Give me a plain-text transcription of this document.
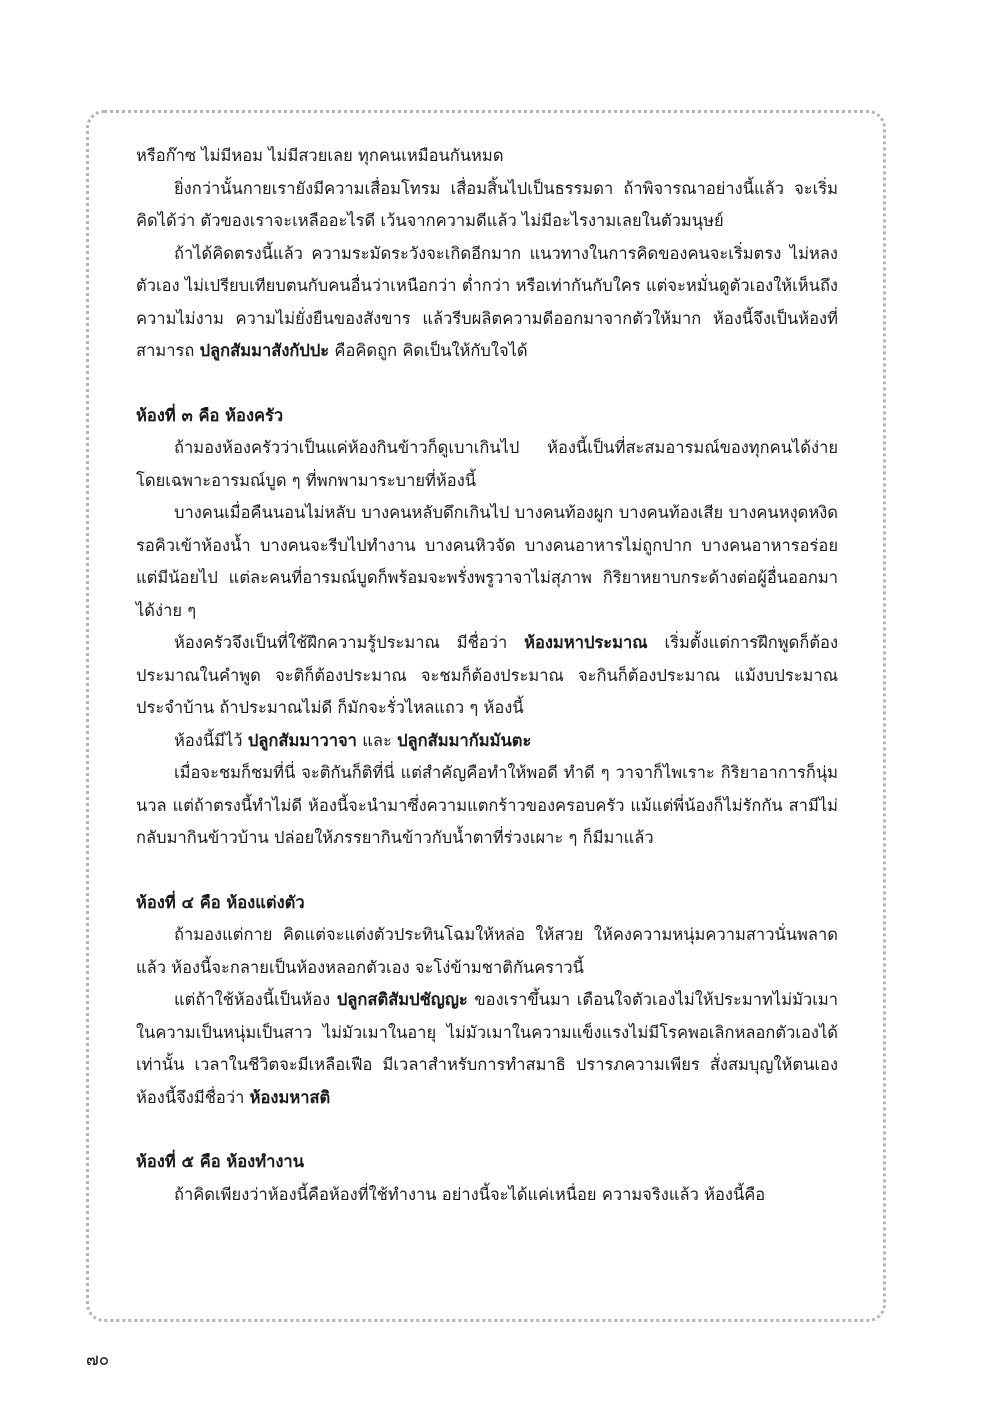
หรือก๊าซ ไม่มีหอม ไม่มีสวยเลย ทุกคนเหมือนกันหมด

ยิ่งกว่านั้นกายเรายังมีความเสื่อมโทรม เสื่อมสิ้นไปเป็นธรรมดา ถ้าพิจารณาอย่างนี้แล้ว จะเริ่มคิดได้ว่า ตัวของเราจะเหลืออะไรดี เว้นจากความดีแล้ว ไม่มีอะไรงามเลยในตัวมนุษย์

ถ้าได้คิดตรงนี้แล้ว ความระมัดระวังจะเกิดอีกมาก แนวทางในการคิดของคนจะเริ่มตรง ไม่หลงตัวเอง ไม่เปรียบเทียบตนกับคนอื่นว่าเหนือกว่า ต่ำกว่า หรือเท่ากันกับใคร แต่จะหมั่นดูตัวเองให้เห็นถึงความไม่งาม ความไม่ยั่งยืนของสังขาร แล้วรีบผลิตความดีออกมาจากตัวให้มาก ห้องนี้จึงเป็นห้องที่สามารถ ปลูกสัมมาสังกัปปะ คือคิดถูก คิดเป็นให้กับใจได้

ห้องที่ ๓ คือ ห้องครัว

ถ้ามองห้องครัวว่าเป็นแค่ห้องกินข้าวก็ดูเบาเกินไป ห้องนี้เป็นที่สะสมอารมณ์ของทุกคนได้ง่าย โดยเฉพาะอารมณ์บูด ๆ ที่พกพามาระบายที่ห้องนี้

บางคนเมื่อคืนนอนไม่หลับ บางคนหลับดึกเกินไป บางคนท้องผูก บางคนท้องเสีย บางคนหงุดหงิด รอคิวเข้าห้องน้ำ บางคนจะรีบไปทำงาน บางคนหิวจัด บางคนอาหารไม่ถูกปาก บางคนอาหารอร่อยแต่มีน้อยไป แต่ละคนที่อารมณ์บูดก็พร้อมจะพรั่งพรูวาจาไม่สุภาพ กิริยาหยาบกระด้างต่อผู้อื่นออกมาได้ง่าย ๆ

ห้องครัวจึงเป็นที่ใช้ฝึกความรู้ประมาณ มีชื่อว่า ห้องมหาประมาณ เริ่มตั้งแต่การฝึกพูดก็ต้องประมาณในคำพูด จะติก็ต้องประมาณ จะชมก็ต้องประมาณ จะกินก็ต้องประมาณ แม้งบประมาณประจำบ้าน ถ้าประมาณไม่ดี ก็มักจะรั่วไหลแถว ๆ ห้องนี้

ห้องนี้มีไว้ ปลูกสัมมาวาจา และ ปลูกสัมมากัมมันตะ

เมื่อจะชมก็ชมที่นี่ จะติกันก็ติที่นี่ แต่สำคัญคือทำให้พอดี ทำดี ๆ วาจาก็ไพเราะ กิริยาอาการก็นุ่มนวล แต่ถ้าตรงนี้ทำไม่ดี ห้องนี้จะนำมาซึ่งความแตกร้าวของครอบครัว แม้แต่พี่น้องก็ไม่รักกัน สามีไม่กลับมากินข้าวบ้าน ปล่อยให้ภรรยากินข้าวกับน้ำตาที่ร่วงเผาะ ๆ ก็มีมาแล้ว

ห้องที่ ๔ คือ ห้องแต่งตัว

ถ้ามองแต่กาย คิดแต่จะแต่งตัวประทินโฉมให้หล่อ ให้สวย ให้คงความหนุ่มความสาวนั่นพลาดแล้ว ห้องนี้จะกลายเป็นห้องหลอกตัวเอง จะโง่ข้ามชาติกันคราวนี้

แต่ถ้าใช้ห้องนี้เป็นห้อง ปลูกสติสัมปชัญญะ ของเราขึ้นมา เตือนใจตัวเองไม่ให้ประมาทไม่มัวเมาในความเป็นหนุ่มเป็นสาว ไม่มัวเมาในอายุ ไม่มัวเมาในความแข็งแรงไม่มีโรคพอเลิกหลอกตัวเองได้เท่านั้น เวลาในชีวิตจะมีเหลือเฟือ มีเวลาสำหรับการทำสมาธิ ปรารภความเพียร สั่งสมบุญให้ตนเอง ห้องนี้จึงมีชื่อว่า ห้องมหาสติ

ห้องที่ ๕ คือ ห้องทำงาน

ถ้าคิดเพียงว่าห้องนี้คือห้องที่ใช้ทำงาน อย่างนี้จะได้แค่เหนื่อย ความจริงแล้ว ห้องนี้คือ

๗๐
